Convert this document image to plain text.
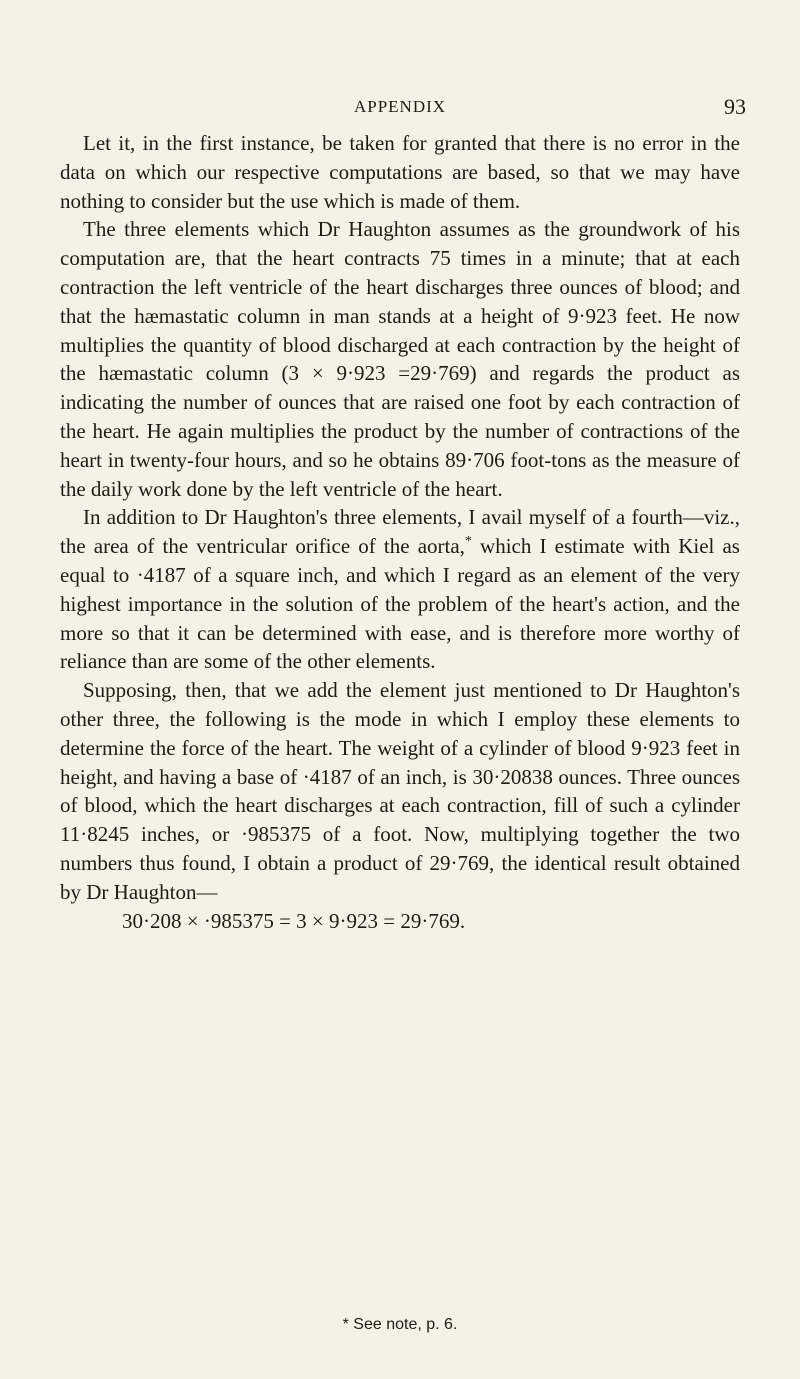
APPENDIX	93

Let it, in the first instance, be taken for granted that there is no error in the data on which our respective computations are based, so that we may have nothing to consider but the use which is made of them.

The three elements which Dr Haughton assumes as the groundwork of his computation are, that the heart contracts 75 times in a minute; that at each contraction the left ventricle of the heart discharges three ounces of blood; and that the hæmastatic column in man stands at a height of 9·923 feet. He now multiplies the quantity of blood discharged at each contraction by the height of the hæmastatic column (3 × 9·923 =29·769) and regards the product as indicating the number of ounces that are raised one foot by each contraction of the heart. He again multiplies the product by the number of contractions of the heart in twenty-four hours, and so he obtains 89·706 foot-tons as the measure of the daily work done by the left ventricle of the heart.

In addition to Dr Haughton's three elements, I avail myself of a fourth—viz., the area of the ventricular orifice of the aorta,* which I estimate with Kiel as equal to ·4187 of a square inch, and which I regard as an element of the very highest importance in the solution of the problem of the heart's action, and the more so that it can be determined with ease, and is therefore more worthy of reliance than are some of the other elements.

Supposing, then, that we add the element just mentioned to Dr Haughton's other three, the following is the mode in which I employ these elements to determine the force of the heart. The weight of a cylinder of blood 9·923 feet in height, and having a base of ·4187 of an inch, is 30·20838 ounces. Three ounces of blood, which the heart discharges at each contraction, fill of such a cylinder 11·8245 inches, or ·985375 of a foot. Now, multiplying together the two numbers thus found, I obtain a product of 29·769, the identical result obtained by Dr Haughton—

30·208 × ·985375 = 3 × 9·923 = 29·769.

* See note, p. 6.
